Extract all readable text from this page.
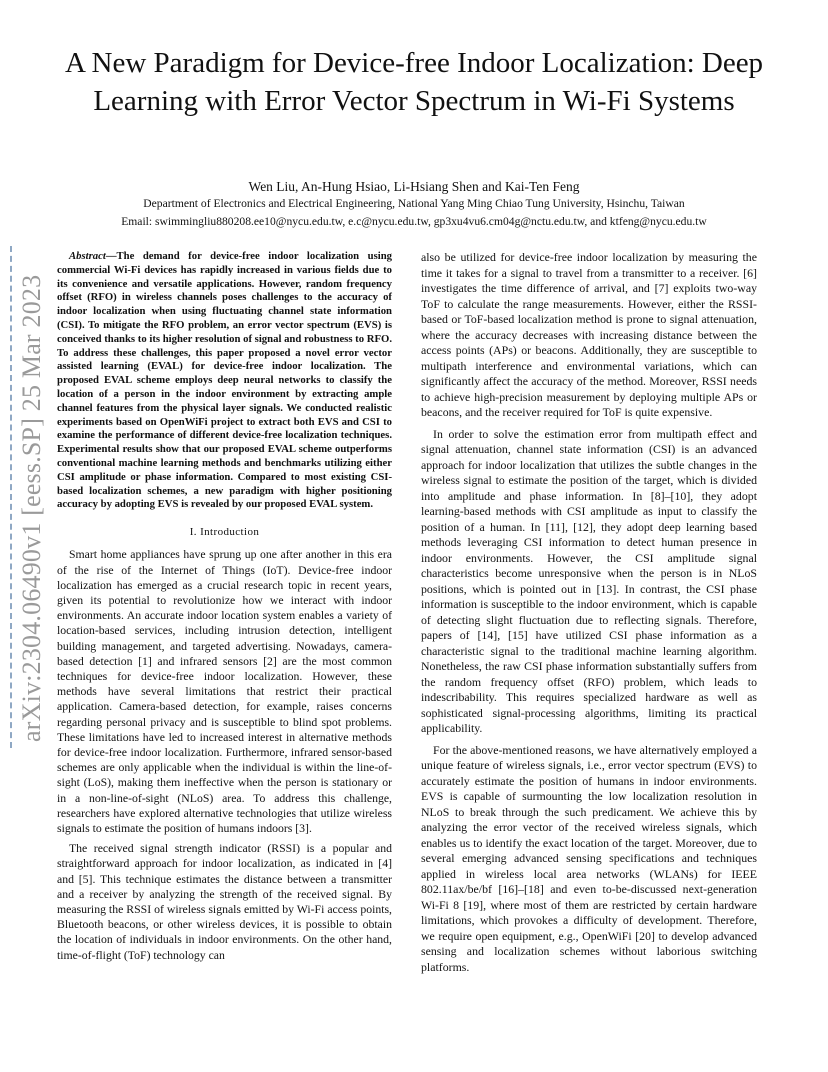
A New Paradigm for Device-free Indoor Localization: Deep Learning with Error Vector Spectrum in Wi-Fi Systems
Wen Liu, An-Hung Hsiao, Li-Hsiang Shen and Kai-Ten Feng
Department of Electronics and Electrical Engineering, National Yang Ming Chiao Tung University, Hsinchu, Taiwan
Email: swimmingliu880208.ee10@nycu.edu.tw, e.c@nycu.edu.tw, gp3xu4vu6.cm04g@nctu.edu.tw, and ktfeng@nycu.edu.tw
arXiv:2304.06490v1 [eess.SP] 25 Mar 2023

Abstract—The demand for device-free indoor localization using commercial Wi-Fi devices has rapidly increased in various fields due to its convenience and versatile applications. However, random frequency offset (RFO) in wireless channels poses challenges to the accuracy of indoor localization when using fluctuating channel state information (CSI). To mitigate the RFO problem, an error vector spectrum (EVS) is conceived thanks to its higher resolution of signal and robustness to RFO. To address these challenges, this paper proposed a novel error vector assisted learning (EVAL) for device-free indoor localization. The proposed EVAL scheme employs deep neural networks to classify the location of a person in the indoor environment by extracting ample channel features from the physical layer signals. We conducted realistic experiments based on OpenWiFi project to extract both EVS and CSI to examine the performance of different device-free localization techniques. Experimental results show that our proposed EVAL scheme outperforms conventional machine learning methods and benchmarks utilizing either CSI amplitude or phase information. Compared to most existing CSI-based localization schemes, a new paradigm with higher positioning accuracy by adopting EVS is revealed by our proposed EVAL system.

I. Introduction

Smart home appliances have sprung up one after another in this era of the rise of the Internet of Things (IoT). Device-free indoor localization has emerged as a crucial research topic in recent years, given its potential to revolutionize how we interact with indoor environments. An accurate indoor location system enables a variety of location-based services, including intrusion detection, intelligent building management, and targeted advertising. Nowadays, camera-based detection [1] and infrared sensors [2] are the most common techniques for device-free indoor localization. However, these methods have several limitations that restrict their practical application. Camera-based detection, for example, raises concerns regarding personal privacy and is susceptible to blind spot problems. These limitations have led to increased interest in alternative methods for device-free indoor localization. Furthermore, infrared sensor-based schemes are only applicable when the individual is within the line-of-sight (LoS), making them ineffective when the person is stationary or in a non-line-of-sight (NLoS) area. To address this challenge, researchers have explored alternative technologies that utilize wireless signals to estimate the position of humans indoors [3].

The received signal strength indicator (RSSI) is a popular and straightforward approach for indoor localization, as indicated in [4] and [5]. This technique estimates the distance between a transmitter and a receiver by analyzing the strength of the received signal. By measuring the RSSI of wireless signals emitted by Wi-Fi access points, Bluetooth beacons, or other wireless devices, it is possible to obtain the location of individuals in indoor environments. On the other hand, time-of-flight (ToF) technology can

also be utilized for device-free indoor localization by measuring the time it takes for a signal to travel from a transmitter to a receiver. [6] investigates the time difference of arrival, and [7] exploits two-way ToF to calculate the range measurements. However, either the RSSI-based or ToF-based localization method is prone to signal attenuation, where the accuracy decreases with increasing distance between the access points (APs) or beacons. Additionally, they are susceptible to multipath interference and environmental variations, which can significantly affect the accuracy of the method. Moreover, RSSI needs to achieve high-precision measurement by deploying multiple APs or beacons, and the receiver required for ToF is quite expensive.

In order to solve the estimation error from multipath effect and signal attenuation, channel state information (CSI) is an advanced approach for indoor localization that utilizes the subtle changes in the wireless signal to estimate the position of the target, which is divided into amplitude and phase information. In [8]–[10], they adopt learning-based methods with CSI amplitude as input to classify the position of a human. In [11], [12], they adopt deep learning based methods leveraging CSI information to detect human presence in indoor environments. However, the CSI amplitude signal characteristics become unresponsive when the person is in NLoS positions, which is pointed out in [13]. In contrast, the CSI phase information is susceptible to the indoor environment, which is capable of detecting slight fluctuation due to reflecting signals. Therefore, papers of [14], [15] have utilized CSI phase information as a characteristic signal to the traditional machine learning algorithm. Nonetheless, the raw CSI phase information substantially suffers from the random frequency offset (RFO) problem, which leads to indescribability. This requires specialized hardware as well as sophisticated signal-processing algorithms, limiting its practical applicability.

For the above-mentioned reasons, we have alternatively employed a unique feature of wireless signals, i.e., error vector spectrum (EVS) to accurately estimate the position of humans in indoor environments. EVS is capable of surmounting the low localization resolution in NLoS to break through the such predicament. We achieve this by analyzing the error vector of the received wireless signals, which enables us to identify the exact location of the target. Moreover, due to several emerging advanced sensing specifications and techniques applied in wireless local area networks (WLANs) for IEEE 802.11ax/be/bf [16]–[18] and even to-be-discussed next-generation Wi-Fi 8 [19], where most of them are restricted by certain hardware limitations, which provokes a difficulty of development. Therefore, we require open equipment, e.g., OpenWiFi [20] to develop advanced sensing and localization schemes without laborious switching platforms.
